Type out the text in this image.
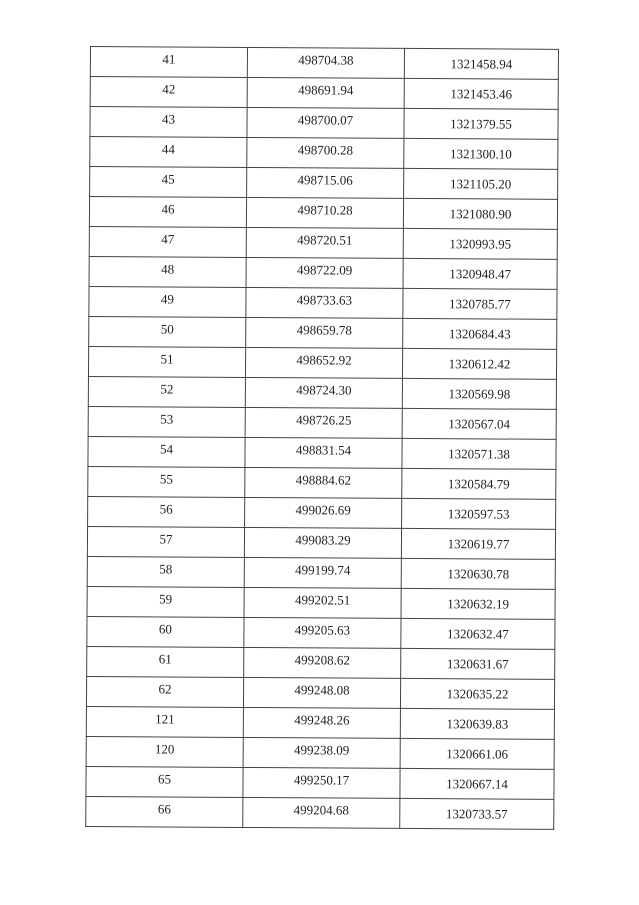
41	498704.38	1321458.94

42	498691.94	1321453.46

43	498700.07	1321379.55

44	498700.28	1321300.10

45	498715.06	1321105.20

46	498710.28	1321080.90

47	498720.51	1320993.95

48	498722.09	1320948.47

49	498733.63	1320785.77

50	498659.78	1320684.43

51	498652.92	1320612.42

52	498724.30	1320569.98

53	498726.25	1320567.04

54	498831.54	1320571.38

55	498884.62	1320584.79

56	499026.69	1320597.53

57	499083.29	1320619.77

58	499199.74	1320630.78

59	499202.51	1320632.19

60	499205.63	1320632.47

61	499208.62	1320631.67

62	499248.08	1320635.22

121	499248.26	1320639.83

120	499238.09	1320661.06

65	499250.17	1320667.14

66	499204.68	1320733.57
